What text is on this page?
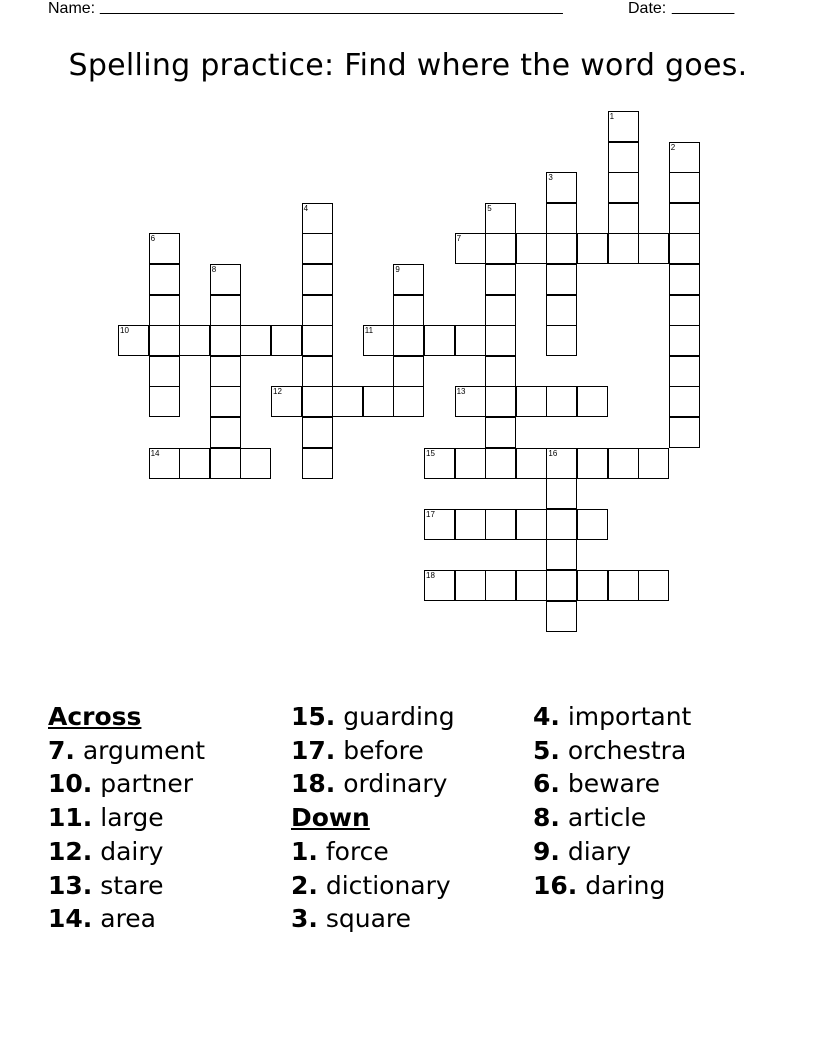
Name: ____________________________________________________	Date: _______
Spelling practice: Find where the word goes.
7
10	11
12	13
14	15	16
17
18
1
2
3
4	5
6
8	9
Across
7. argument
10. partner
11. large
12. dairy
13. stare
14. area
15. guarding
17. before
18. ordinary
Down
1. force
2. dictionary
3. square
4. important
5. orchestra
6. beware
8. article
9. diary
16. daring
